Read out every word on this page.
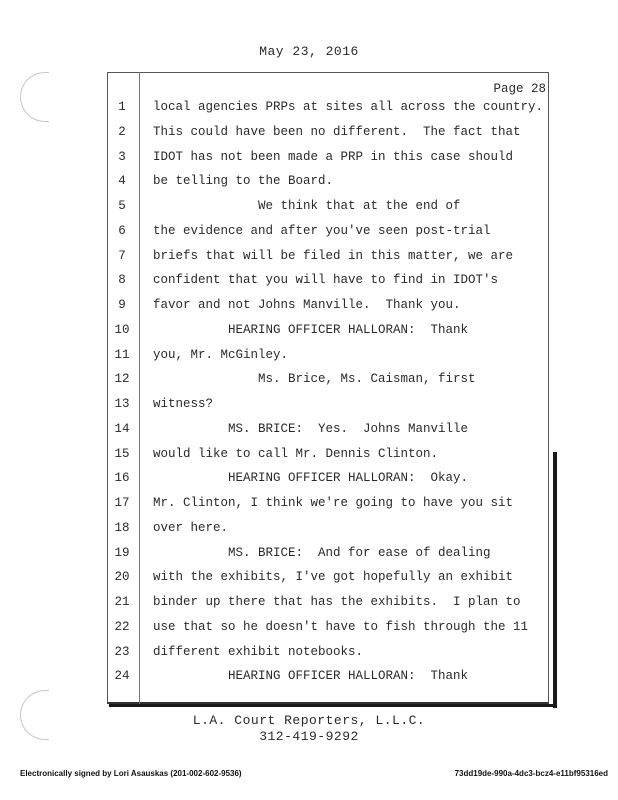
May 23, 2016
Page 28
1	local agencies PRPs at sites all across the country.
2	This could have been no different.  The fact that
3	IDOT has not been made a PRP in this case should
4	be telling to the Board.
5	We think that at the end of
6	the evidence and after you've seen post-trial
7	briefs that will be filed in this matter, we are
8	confident that you will have to find in IDOT's
9	favor and not Johns Manville.  Thank you.
10	HEARING OFFICER HALLORAN:  Thank
11	you, Mr. McGinley.
12	Ms. Brice, Ms. Caisman, first
13	witness?
14	MS. BRICE:  Yes.  Johns Manville
15	would like to call Mr. Dennis Clinton.
16	HEARING OFFICER HALLORAN:  Okay.
17	Mr. Clinton, I think we're going to have you sit
18	over here.
19	MS. BRICE:  And for ease of dealing
20	with the exhibits, I've got hopefully an exhibit
21	binder up there that has the exhibits.  I plan to
22	use that so he doesn't have to fish through the 11
23	different exhibit notebooks.
24	HEARING OFFICER HALLORAN:  Thank
L.A. Court Reporters, L.L.C.
312-419-9292
Electronically signed by Lori Asauskas (201-002-602-9536)	73dd19de-990a-4dc3-bcz4-e11bf95316ed
